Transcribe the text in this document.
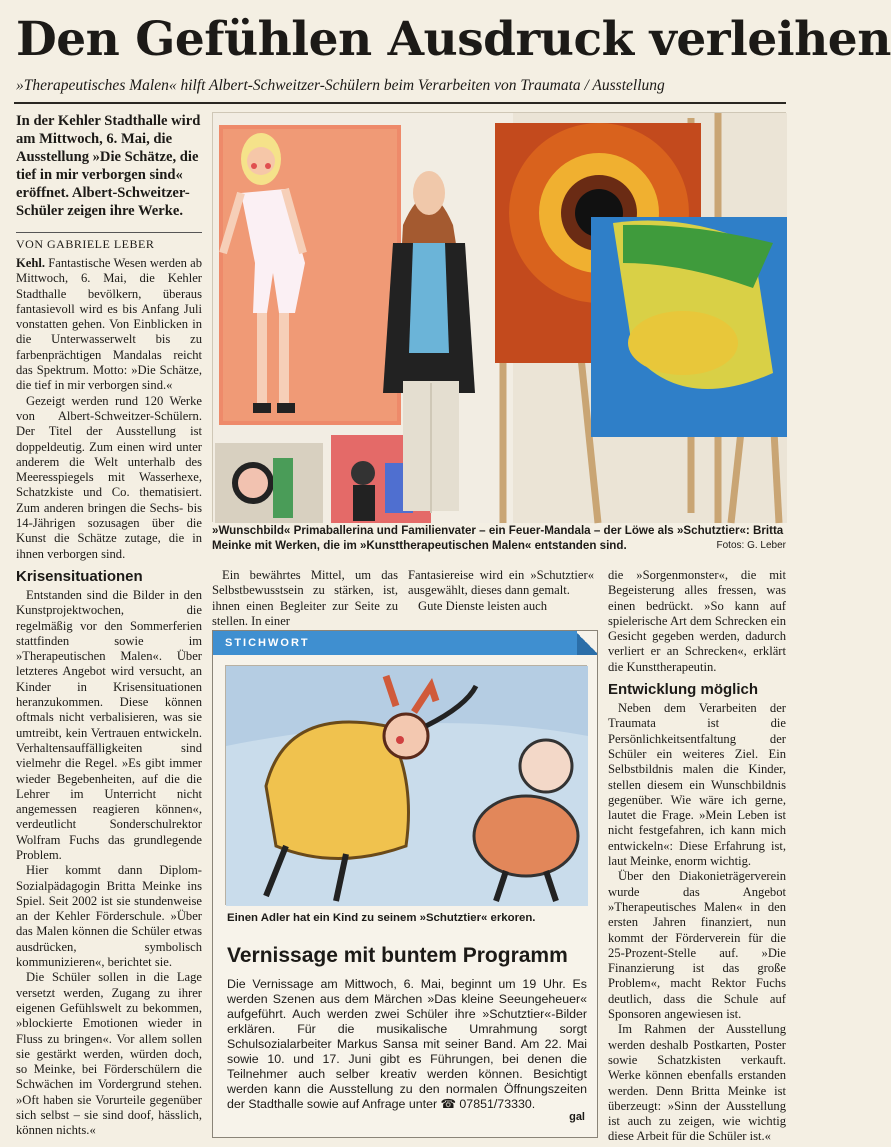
Den Gefühlen Ausdruck verleihen
»Therapeutisches Malen« hilft Albert-Schweitzer-Schülern beim Verarbeiten von Traumata / Ausstellung
In der Kehler Stadthalle wird am Mittwoch, 6. Mai, die Ausstellung »Die Schätze, die tief in mir verborgen sind« eröffnet. Albert-Schweitzer-Schüler zeigen ihre Werke.
VON GABRIELE LEBER

Kehl. Fantastische Wesen werden ab Mittwoch, 6. Mai, die Kehler Stadthalle bevölkern, überaus fantasievoll wird es bis Anfang Juli vonstatten gehen. Von Einblicken in die Unterwasserwelt bis zu farbenprächtigen Mandalas reicht das Spektrum. Motto: »Die Schätze, die tief in mir verborgen sind.«

Gezeigt werden rund 120 Werke von Albert-Schweitzer-Schülern. Der Titel der Ausstellung ist doppeldeutig. Zum einen wird unter anderem die Welt unterhalb des Meeresspiegels mit Wasserhexe, Schatzkiste und Co. thematisiert. Zum anderen bringen die Sechs- bis 14-Jährigen sozusagen über die Kunst die Schätze zutage, die in ihnen verborgen sind.

Krisensituationen

Entstanden sind die Bilder in den Kunstprojektwochen, die regelmäßig vor den Sommerferien stattfinden sowie im »Therapeutischen Malen«. Über letzteres Angebot wird versucht, an Kinder in Krisensituationen heranzukommen. Diese können oftmals nicht verbalisieren, was sie umtreibt, kein Vertrauen entwickeln. Verhaltensauffälligkeiten sind vielmehr die Regel. »Es gibt immer wieder Begebenheiten, auf die die Lehrer im Unterricht nicht angemessen reagieren können«, verdeutlicht Sonderschulrektor Wolfram Fuchs das grundlegende Problem.

Hier kommt dann Diplom-Sozialpädagogin Britta Meinke ins Spiel. Seit 2002 ist sie stundenweise an der Kehler Förderschule. »Über das Malen können die Schüler etwas ausdrücken, symbolisch kommunizieren«, berichtet sie.

Die Schüler sollen in die Lage versetzt werden, Zugang zu ihrer eigenen Gefühlswelt zu bekommen, »blockierte Emotionen wieder in Fluss zu bringen«. Vor allem sollen sie gestärkt werden, würden doch, so Meinke, bei Förderschülern die Schwächen im Vordergrund stehen. »Oft haben sie Vorurteile gegenüber sich selbst – sie sind doof, hässlich, können nichts.«

»Wunschbild« Primaballerina und Familienvater – ein Feuer-Mandala – der Löwe als »Schutztier«: Britta Meinke mit Werken, die im »Kunsttherapeutischen Malen« entstanden sind.	Fotos: G. Leber

Ein bewährtes Mittel, um das Selbstbewusstsein zu stärken, ist, ihnen einen Begleiter zur Seite zu stellen. In einer

Fantasiereise wird ein »Schutztier« ausgewählt, dieses dann gemalt.

Gute Dienste leisten auch

die »Sorgenmonster«, die mit Begeisterung alles fressen, was einen bedrückt. »So kann auf spielerische Art dem Schrecken ein Gesicht gegeben werden, dadurch verliert er an Schrecken«, erklärt die Kunsttherapeutin.

Entwicklung möglich

Neben dem Verarbeiten der Traumata ist die Persönlichkeitsentfaltung der Schüler ein weiteres Ziel. Ein Selbstbildnis malen die Kinder, stellen diesem ein Wunschbildnis gegenüber. Wie wäre ich gerne, lautet die Frage. »Mein Leben ist nicht festgefahren, ich kann mich entwickeln«: Diese Erfahrung ist, laut Meinke, enorm wichtig.

Über den Diakonieträgerverein wurde das Angebot »Therapeutisches Malen« in den ersten Jahren finanziert, nun kommt der Förderverein für die 25-Prozent-Stelle auf. »Die Finanzierung ist das große Problem«, macht Rektor Fuchs deutlich, dass die Schule auf Sponsoren angewiesen ist.

Im Rahmen der Ausstellung werden deshalb Postkarten, Poster sowie Schatzkisten verkauft. Werke können ebenfalls erstanden werden. Denn Britta Meinke ist überzeugt: »Sinn der Ausstellung ist auch zu zeigen, wie wichtig diese Arbeit für die Schüler ist.«

STICHWORT
Einen Adler hat ein Kind zu seinem »Schutztier« erkoren.
Vernissage mit buntem Programm
Die Vernissage am Mittwoch, 6. Mai, beginnt um 19 Uhr. Es werden Szenen aus dem Märchen »Das kleine Seeungeheuer« aufgeführt. Auch werden zwei Schüler ihre »Schutztier«-Bilder erklären. Für die musikalische Umrahmung sorgt Schulsozialarbeiter Markus Sansa mit seiner Band. Am 22. Mai sowie 10. und 17. Juni gibt es Führungen, bei denen die Teilnehmer auch selber kreativ werden können. Besichtigt werden kann die Ausstellung zu den normalen Öffnungszeiten der Stadthalle sowie auf Anfrage unter ☎ 07851/73330.
gal
